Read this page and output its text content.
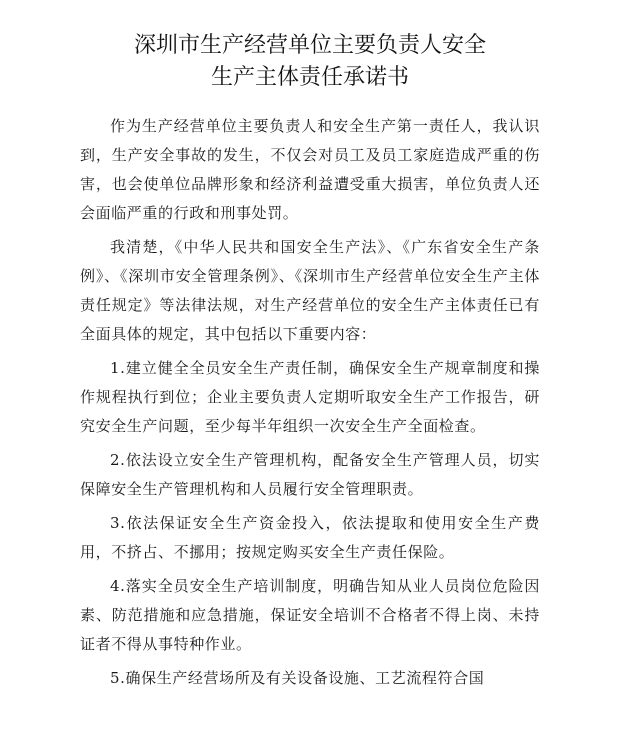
深圳市生产经营单位主要负责人安全
生产主体责任承诺书

作为生产经营单位主要负责人和安全生产第一责任人，我认识到，生产安全事故的发生，不仅会对员工及员工家庭造成严重的伤害，也会使单位品牌形象和经济利益遭受重大损害，单位负责人还会面临严重的行政和刑事处罚。

我清楚，《中华人民共和国安全生产法》、《广东省安全生产条例》、《深圳市安全管理条例》、《深圳市生产经营单位安全生产主体责任规定》等法律法规，对生产经营单位的安全生产主体责任已有全面具体的规定，其中包括以下重要内容：

1.建立健全全员安全生产责任制，确保安全生产规章制度和操作规程执行到位；企业主要负责人定期听取安全生产工作报告，研究安全生产问题，至少每半年组织一次安全生产全面检查。

2.依法设立安全生产管理机构，配备安全生产管理人员，切实保障安全生产管理机构和人员履行安全管理职责。

3.依法保证安全生产资金投入，依法提取和使用安全生产费用，不挤占、不挪用；按规定购买安全生产责任保险。

4.落实全员安全生产培训制度，明确告知从业人员岗位危险因素、防范措施和应急措施，保证安全培训不合格者不得上岗、未持证者不得从事特种作业。

5.确保生产经营场所及有关设备设施、工艺流程符合国
